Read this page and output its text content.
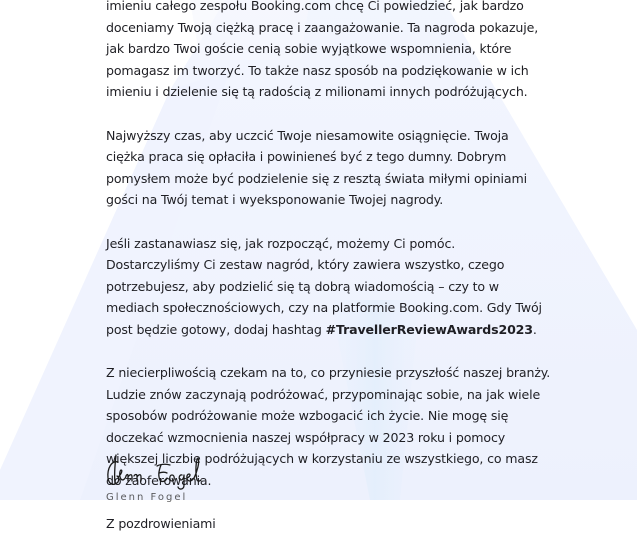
imieniu całego zespołu Booking.com chcę Ci powiedzieć, jak bardzo
doceniamy Twoją ciężką pracę i zaangażowanie. Ta nagroda pokazuje,
jak bardzo Twoi goście cenią sobie wyjątkowe wspomnienia, które
pomagasz im tworzyć. To także nasz sposób na podziękowanie w ich
imieniu i dzielenie się tą radością z milionami innych podróżujących.

Najwyższy czas, aby uczcić Twoje niesamowite osiągnięcie. Twoja
ciężka praca się opłaciła i powinieneś być z tego dumny. Dobrym
pomysłem może być podzielenie się z resztą świata miłymi opiniami
gości na Twój temat i wyeksponowanie Twojej nagrody.

Jeśli zastanawiasz się, jak rozpocząć, możemy Ci pomóc.
Dostarczyliśmy Ci zestaw nagród, który zawiera wszystko, czego
potrzebujesz, aby podzielić się tą dobrą wiadomością – czy to w
mediach społecznościowych, czy na platformie Booking.com. Gdy Twój
post będzie gotowy, dodaj hashtag #TravellerReviewAwards2023.

Z niecierpliwością czekam na to, co przyniesie przyszłość naszej branży.
Ludzie znów zaczynają podróżować, przypominając sobie, na jak wiele
sposobów podróżowanie może wzbogacić ich życie. Nie mogę się
doczekać wzmocnienia naszej współpracy w 2023 roku i pomocy
większej liczbie podróżujących w korzystaniu ze wszystkiego, co masz
do zaoferowania.

Z pozdrowieniami

Glenn Fogel
